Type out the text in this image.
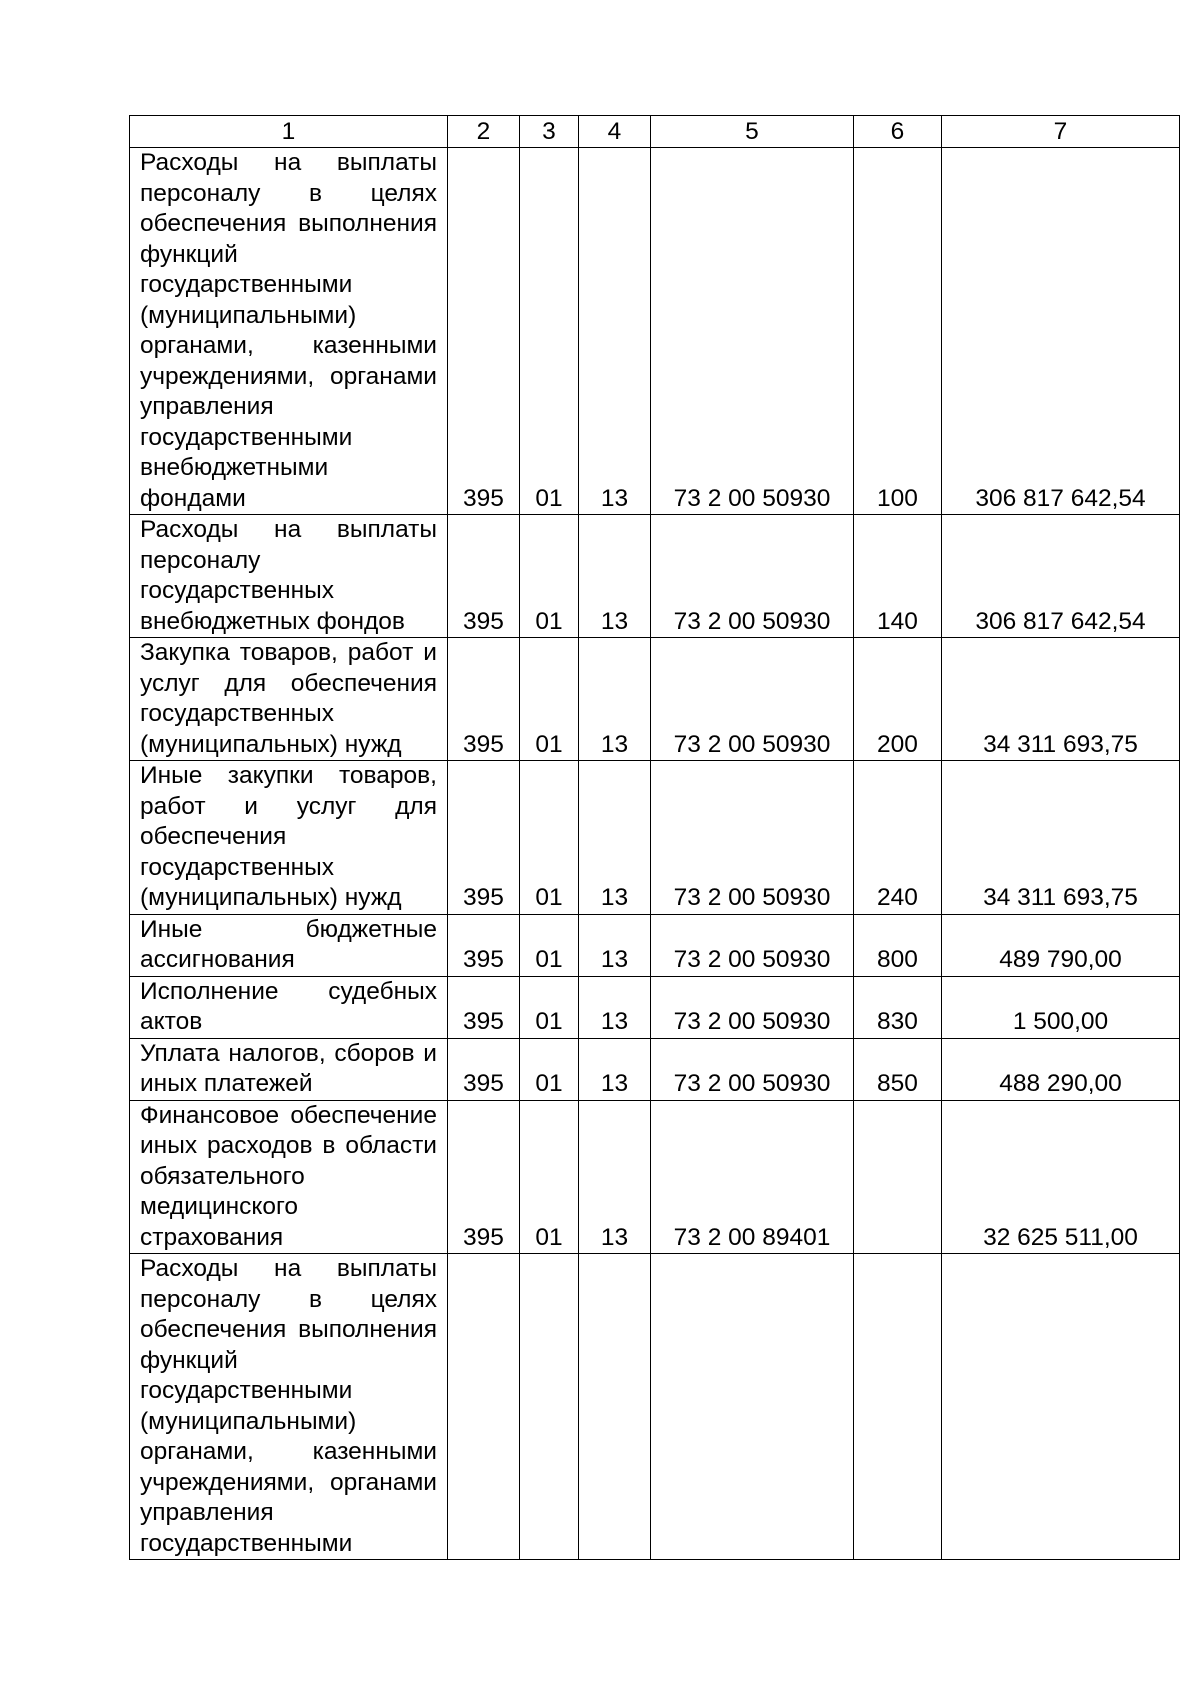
1	2	3	4	5	6	7
Расходы на выплаты персоналу в целях обеспечения выполнения функций государственными (муниципальными) органами, казенными учреждениями, органами управления государственными внебюджетными фондами	395	01	13	73 2 00 50930	100	306 817 642,54
Расходы на выплаты персоналу государственных внебюджетных фондов	395	01	13	73 2 00 50930	140	306 817 642,54
Закупка товаров, работ и услуг для обеспечения государственных (муниципальных) нужд	395	01	13	73 2 00 50930	200	34 311 693,75
Иные закупки товаров, работ и услуг для обеспечения государственных (муниципальных) нужд	395	01	13	73 2 00 50930	240	34 311 693,75
Иные бюджетные ассигнования	395	01	13	73 2 00 50930	800	489 790,00
Исполнение судебных актов	395	01	13	73 2 00 50930	830	1 500,00
Уплата налогов, сборов и иных платежей	395	01	13	73 2 00 50930	850	488 290,00
Финансовое обеспечение иных расходов в области обязательного медицинского страхования	395	01	13	73 2 00 89401		32 625 511,00
Расходы на выплаты персоналу в целях обеспечения выполнения функций государственными (муниципальными) органами, казенными учреждениями, органами управления государственными						
